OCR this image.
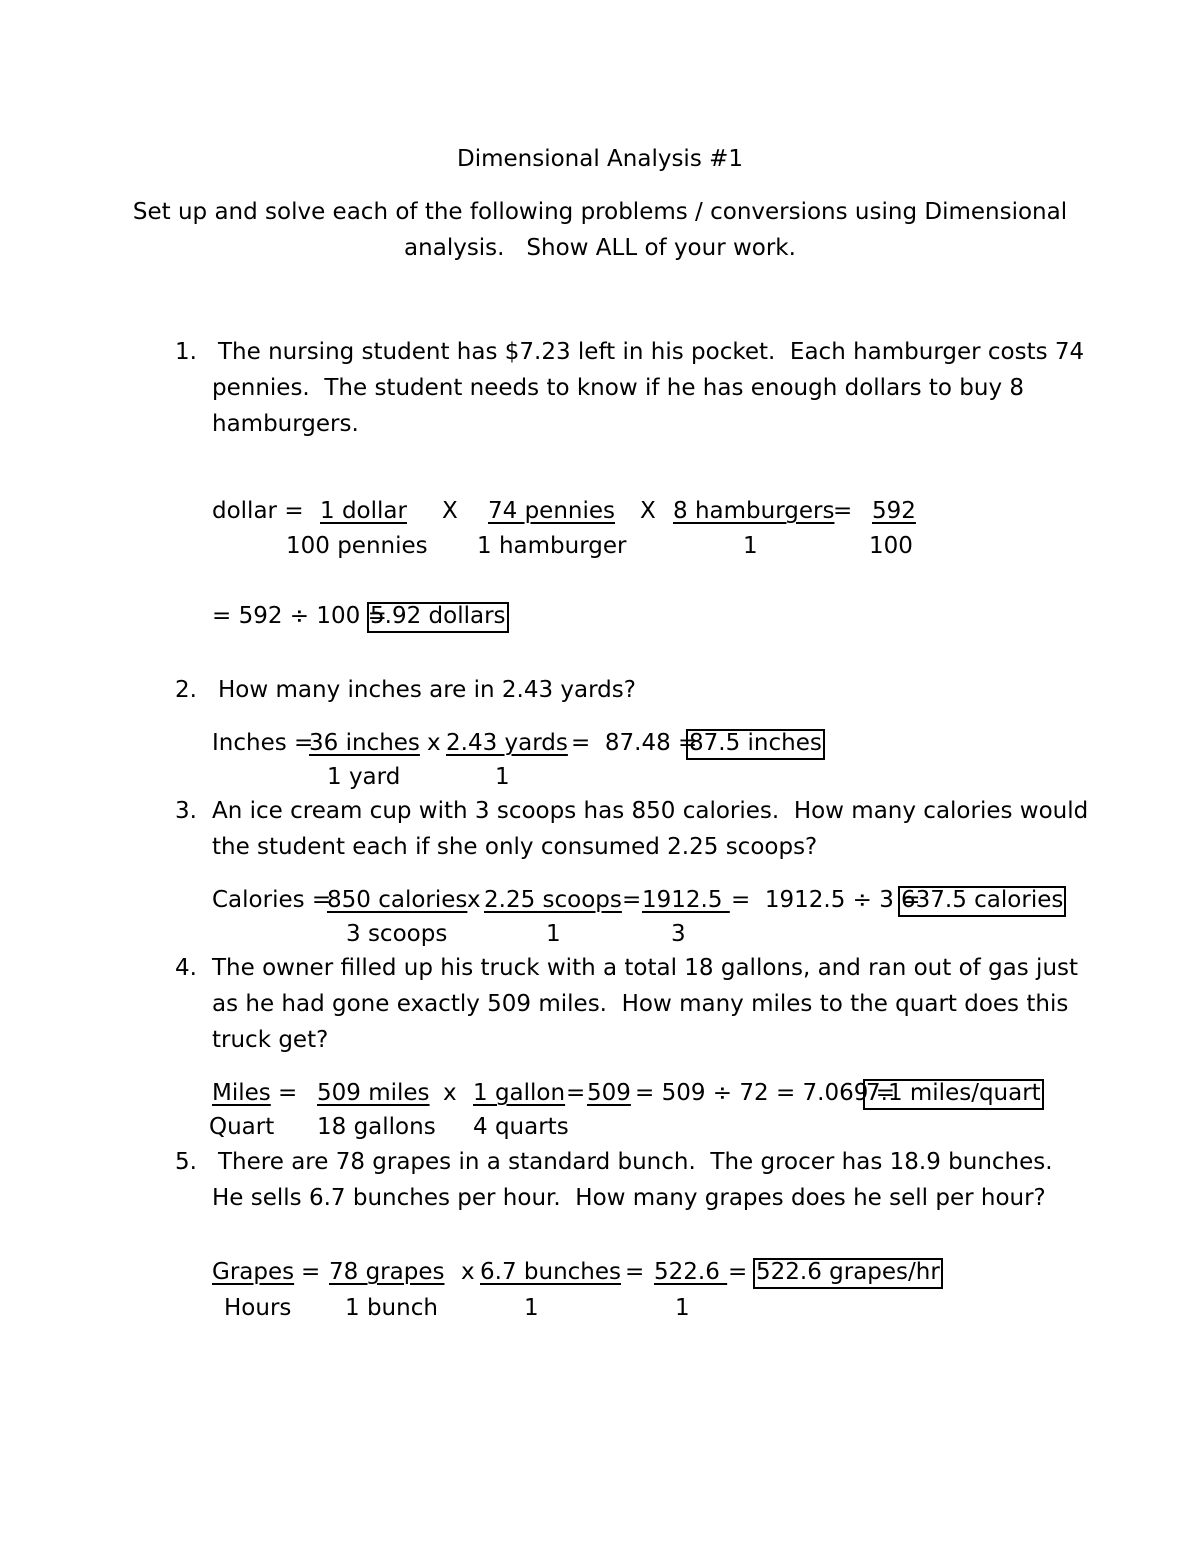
Dimensional Analysis #1
Set up and solve each of the following problems / conversions using Dimensional
analysis.   Show ALL of your work.
1. The nursing student has $7.23 left in his pocket.  Each hamburger costs 74
pennies.  The student needs to know if he has enough dollars to buy 8
hamburgers.
dollar = 1 dollar
100 pennies
X 74 pennies
1 hamburger
X 8 hamburgers
=
1
592
100
= 592 ÷ 100 =
5.92 dollars
2. How many inches are in 2.43 yards?
Inches =
36 inches
1 yard
x 2.43 yards
1
=  87.48 =
87.5 inches
3. An ice cream cup with 3 scoops has 850 calories.  How many calories would
the student each if she only consumed 2.25 scoops?
Calories =
850 calories
3 scoops
x 2.25 scoops
1
= 1912.5
3
=  1912.5 ÷ 3 =
637.5 calories
4. The owner filled up his truck with a total 18 gallons, and ran out of gas just
as he had gone exactly 509 miles.  How many miles to the quart does this
truck get?
Miles =
Quart
509 miles
18 gallons
x 1 gallon
4 quarts
= 509 = 509 ÷ 72 = 7.069 =
7.1 miles/quart
5. There are 78 grapes in a standard bunch.  The grocer has 18.9 bunches.
He sells 6.7 bunches per hour.  How many grapes does he sell per hour?
Grapes =
Hours
78 grapes
1 bunch
x 6.7 bunches
1
= 522.6
1
= 522.6 grapes/hr
